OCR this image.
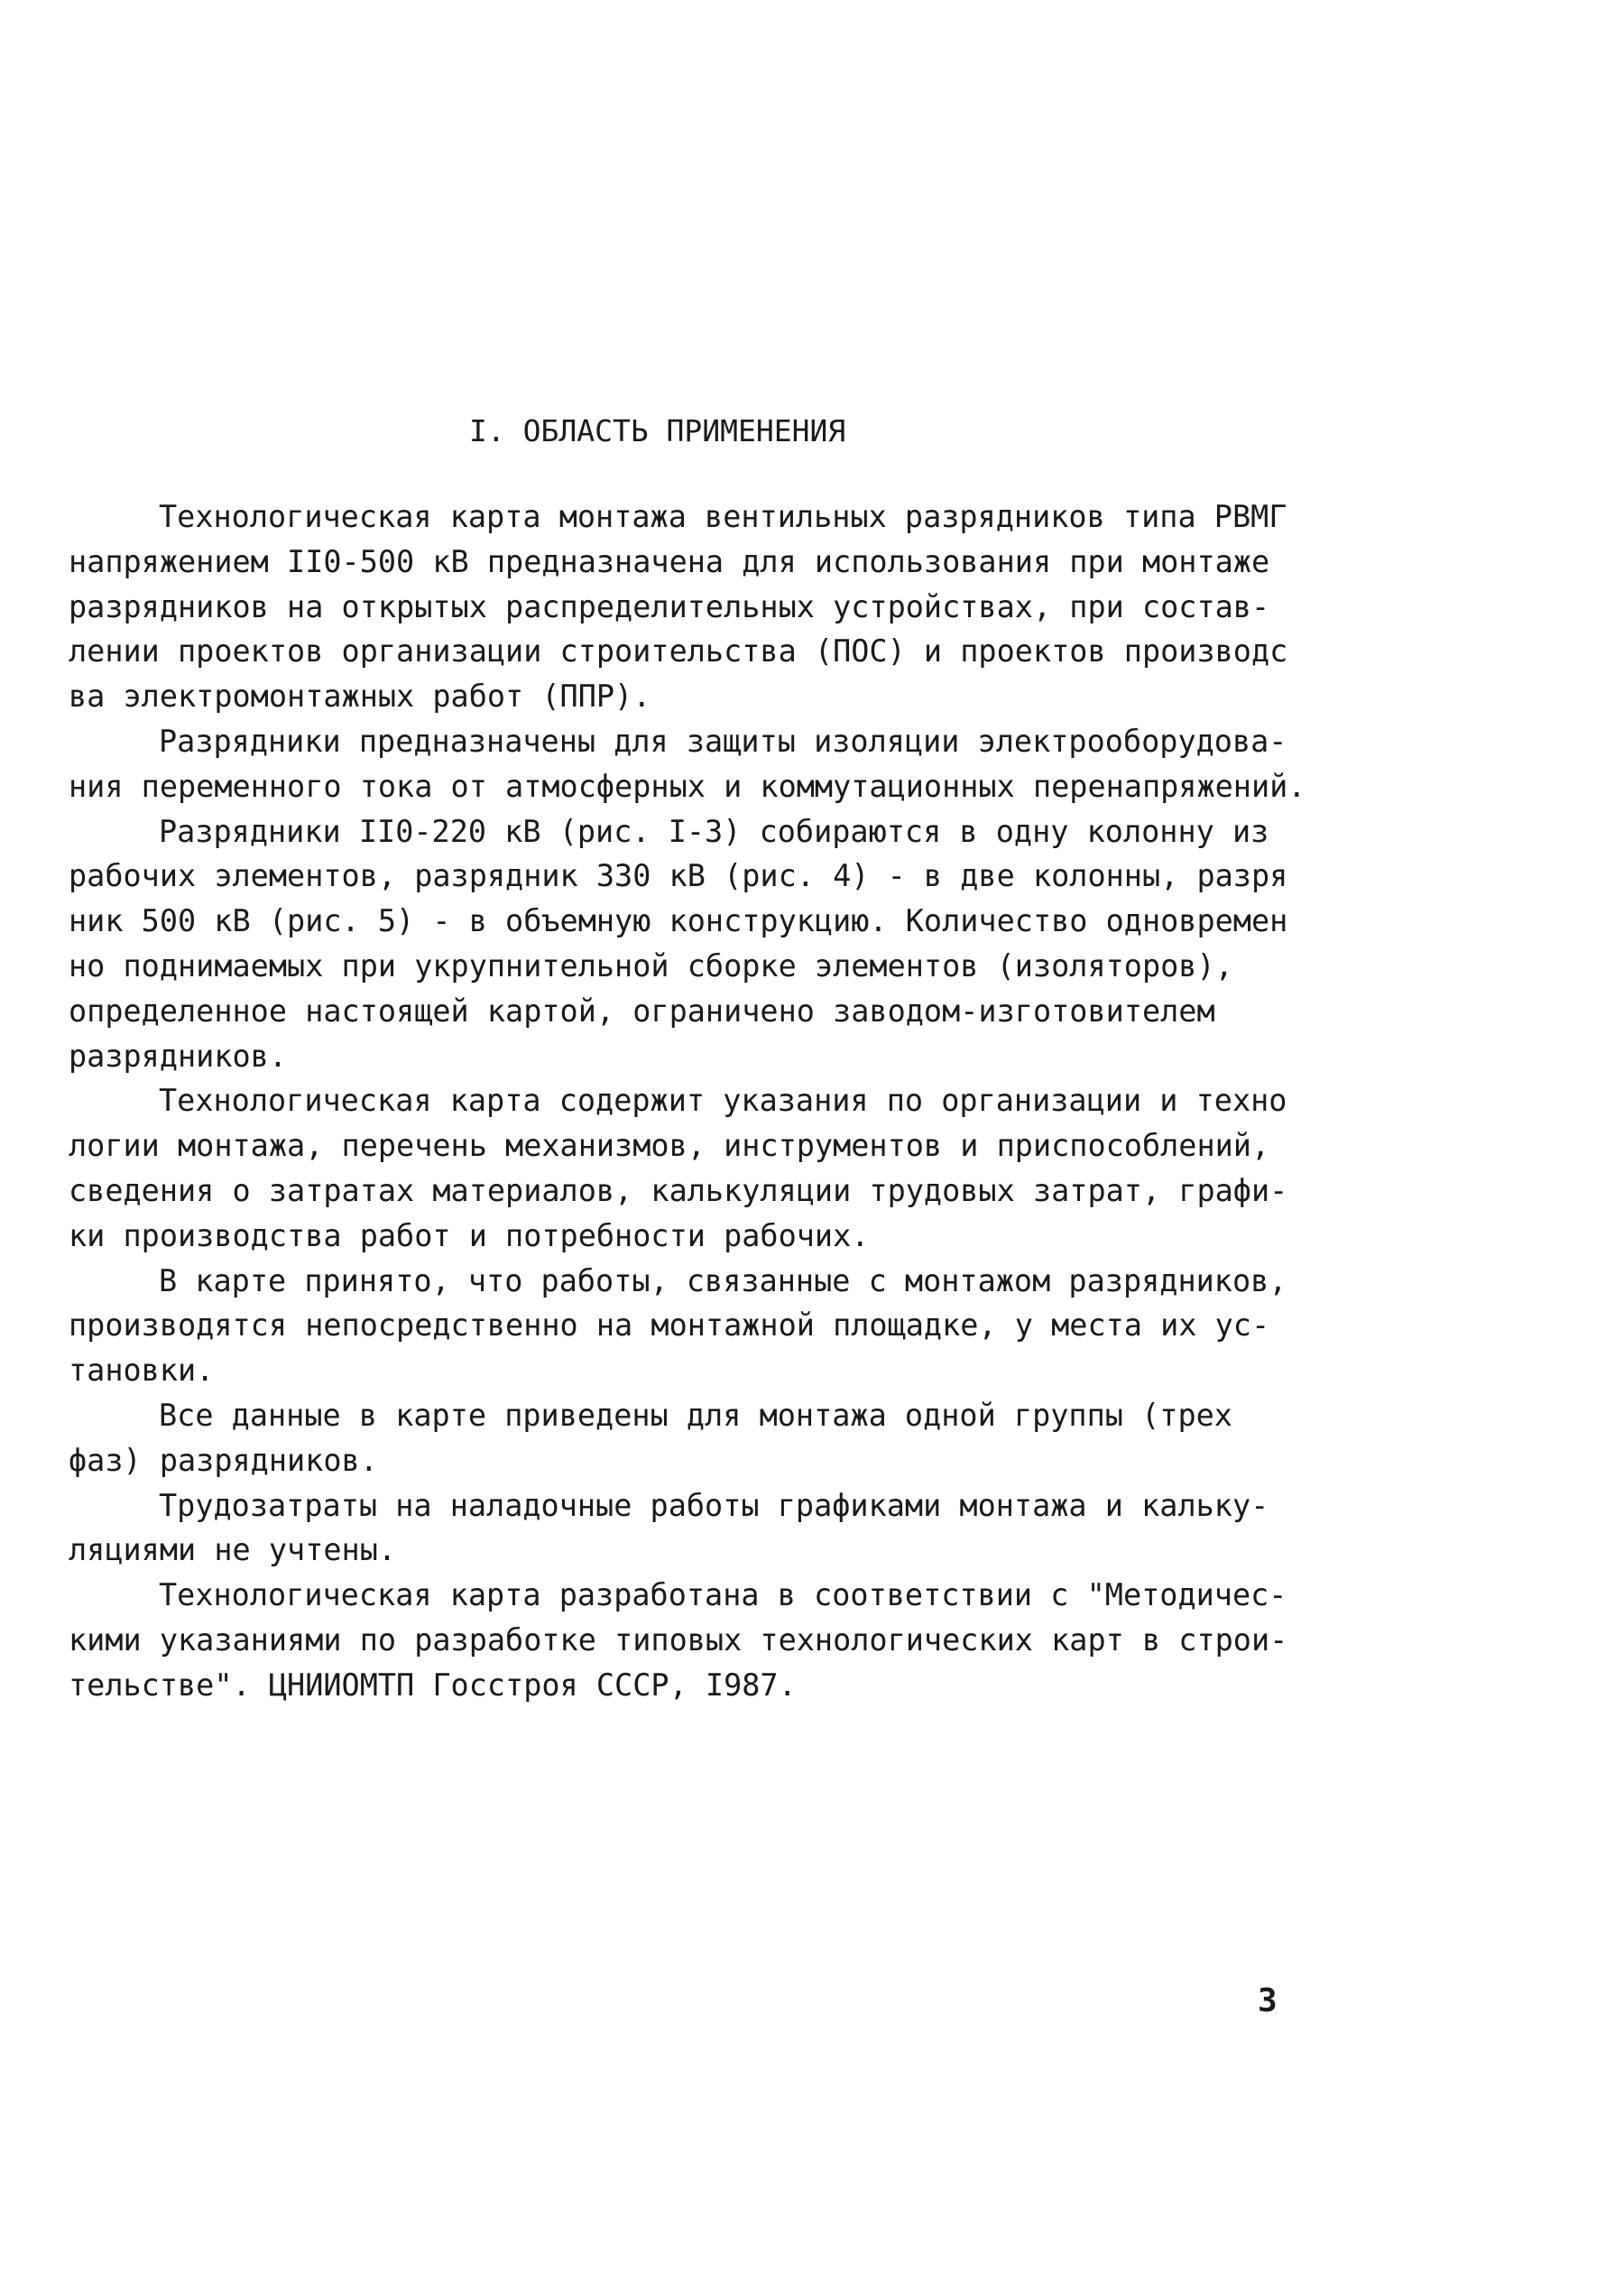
I. ОБЛАСТЬ ПРИМЕНЕНИЯ
Технологическая карта монтажа вентильных разрядников типа РВМГ
напряжением II0-500 кВ предназначена для использования при монтаже
разрядников на открытых распределительных устройствах, при состав-
лении проектов организации строительства (ПОС) и проектов производс
ва электромонтажных работ (ППР).
Разрядники предназначены для защиты изоляции электрооборудова-
ния переменного тока от атмосферных и коммутационных перенапряжений.
Разрядники II0-220 кВ (рис. I-3) собираются в одну колонну из
рабочих элементов, разрядник 330 кВ (рис. 4) - в две колонны, разря
ник 500 кВ (рис. 5) - в объемную конструкцию. Количество одновремен
но поднимаемых при укрупнительной сборке элементов (изоляторов),
определенное настоящей картой, ограничено заводом-изготовителем
разрядников.
Технологическая карта содержит указания по организации и техно
логии монтажа, перечень механизмов, инструментов и приспособлений,
сведения о затратах материалов, калькуляции трудовых затрат, графи-
ки производства работ и потребности рабочих.
В карте принято, что работы, связанные с монтажом разрядников,
производятся непосредственно на монтажной площадке, у места их ус-
тановки.
Все данные в карте приведены для монтажа одной группы (трех
фаз) разрядников.
Трудозатраты на наладочные работы графиками монтажа и кальку-
ляциями не учтены.
Технологическая карта разработана в соответствии с "Методичес-
кими указаниями по разработке типовых технологических карт в строи-
тельстве". ЦНИИОМТП Госстроя СССР, I987.
3
